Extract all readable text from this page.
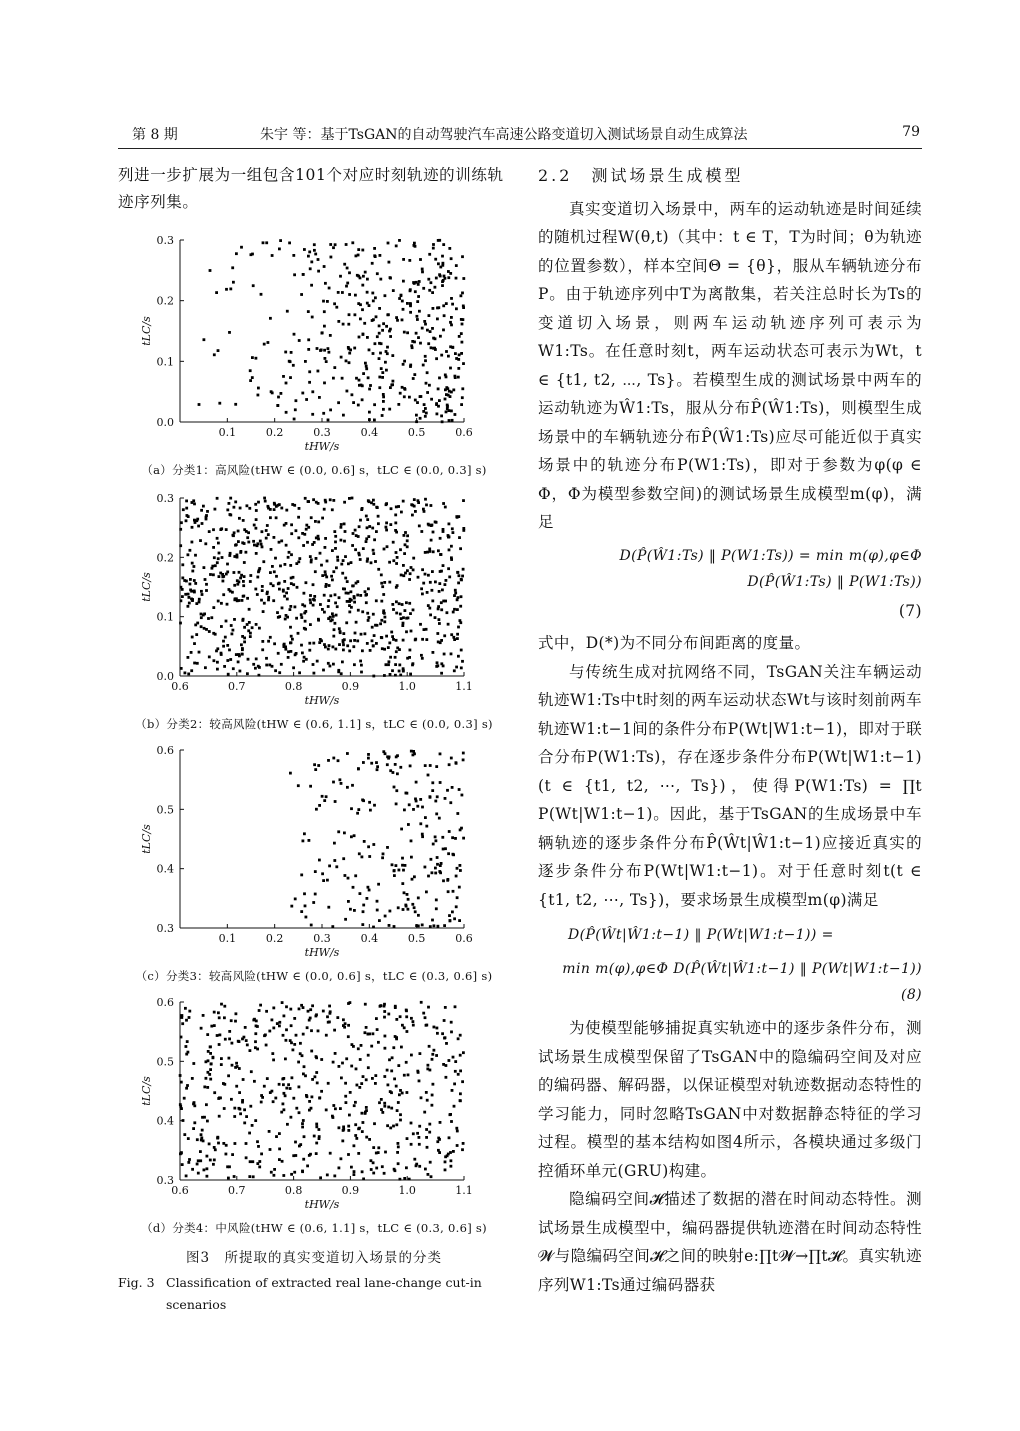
第 8 期	朱宇 等：基于TsGAN的自动驾驶汽车高速公路变道切入测试场景自动生成算法	79
列进一步扩展为一组包含101个对应时刻轨迹的训练轨迹序列集。
0.1	0.2	0.3	0.4	0.5	0.6
0.0
0.1
0.2
0.3
tHW/s
tLC/s
（a）分类1：高风险(tHW ∈ (0.0, 0.6] s，tLC ∈ (0.0, 0.3] s)
0.6	0.7	0.8	0.9	1.0	1.1
0.0
0.1
0.2
0.3
tHW/s
tLC/s
（b）分类2：较高风险(tHW ∈ (0.6, 1.1] s，tLC ∈ (0.0, 0.3] s)
0.1	0.2	0.3	0.4	0.5	0.6
0.3
0.4
0.5
0.6
tHW/s
tLC/s
（c）分类3：较高风险(tHW ∈ (0.0, 0.6] s，tLC ∈ (0.3, 0.6] s)
0.6	0.7	0.8	0.9	1.0	1.1
0.3
0.4
0.5
0.6
tHW/s
tLC/s
（d）分类4：中风险(tHW ∈ (0.6, 1.1] s，tLC ∈ (0.3, 0.6] s)
图3　所提取的真实变道切入场景的分类
Fig. 3 Classification of extracted real lane-change cut-in scenarios
2.2　测试场景生成模型

真实变道切入场景中，两车的运动轨迹是时间延续的随机过程W(θ,t)（其中：t ∈ T，T为时间；θ为轨迹的位置参数），样本空间Θ = {θ}，服从车辆轨迹分布P。由于轨迹序列中T为离散集，若关注总时长为Ts的变道切入场景，则两车运动轨迹序列可表示为W1:Ts。在任意时刻t，两车运动状态可表示为Wt，t ∈ {t1, t2, ⋯, Ts}。若模型生成的测试场景中两车的运动轨迹为Ŵ1:Ts，服从分布P̂(Ŵ1:Ts)，则模型生成场景中的车辆轨迹分布P̂(Ŵ1:Ts)应尽可能近似于真实场景中的轨迹分布P(W1:Ts)，即对于参数为φ(φ ∈ Φ，Φ为模型参数空间)的测试场景生成模型m(φ)，满足

D(P̂(Ŵ1:Ts) ‖ P(W1:Ts)) = min m(φ),φ∈Φ D(P̂(Ŵ1:Ts) ‖ P(W1:Ts))
(7)

式中，D(*)为不同分布间距离的度量。

与传统生成对抗网络不同，TsGAN关注车辆运动轨迹W1:Ts中t时刻的两车运动状态Wt与该时刻前两车轨迹W1:t−1间的条件分布P(Wt|W1:t−1)，即对于联合分布P(W1:Ts)，存在逐步条件分布P(Wt|W1:t−1)(t ∈ {t1, t2, ⋯, Ts})，使得P(W1:Ts) = ∏t P(Wt|W1:t−1)。因此，基于TsGAN的生成场景中车辆轨迹的逐步条件分布P̂(Ŵt|Ŵ1:t−1)应接近真实的逐步条件分布P(Wt|W1:t−1)。对于任意时刻t(t ∈ {t1, t2, ⋯, Ts})，要求场景生成模型m(φ)满足

D(P̂(Ŵt|Ŵ1:t−1) ‖ P(Wt|W1:t−1)) =
min m(φ),φ∈Φ D(P̂(Ŵt|Ŵ1:t−1) ‖ P(Wt|W1:t−1)) (8)

为使模型能够捕捉真实轨迹中的逐步条件分布，测试场景生成模型保留了TsGAN中的隐编码空间及对应的编码器、解码器，以保证模型对轨迹数据动态特性的学习能力，同时忽略TsGAN中对数据静态特征的学习过程。模型的基本结构如图4所示，各模块通过多级门控循环单元(GRU)构建。

隐编码空间𝓗描述了数据的潜在时间动态特性。测试场景生成模型中，编码器提供轨迹潜在时间动态特性𝓦与隐编码空间𝓗之间的映射e:∏t𝓦→∏t𝓗。真实轨迹序列W1:Ts通过编码器获
